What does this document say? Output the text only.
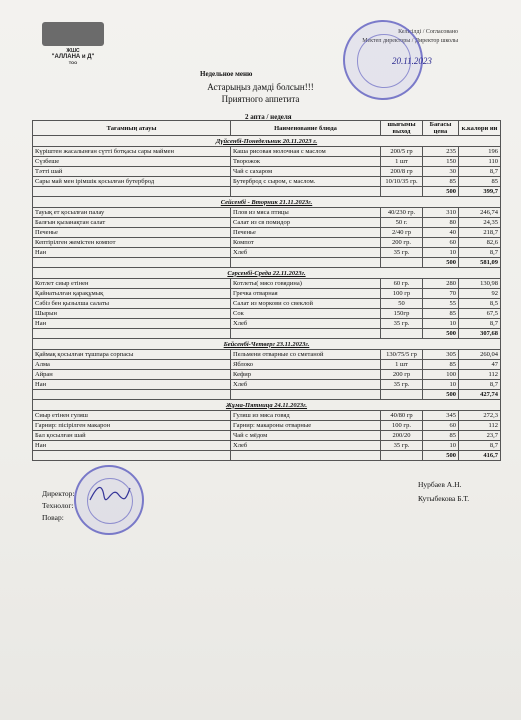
ЖШС
"АЛЛАНА и Д"
ТОО
Келісілді / Согласовано
Мектеп директоры / Директор школы
20.11.2023
Недельное меню
Астарыңыз дәмді болсын!!!
Приятного аппетита
2 апта / неделя
Тағамның атауы	Наименование блюда	шығымы выход	Бағасы цена	к.калори ии
Дүйсенбі-Понедельник 20.11.2023 г.				
Күріштен жасалынған сүтті ботқасы сары маймен	Каша рисовая молочная с маслом	200/5 гр	235	196
Сүзбеше	Творожок	1 шт	150	110
Тәтті шай	Чай с сахаром	200/8 гр	30	8,7
Сары май мен ірімшік қосылған бутерброд	Бутерброд с сыром, с маслом.	10/10/35 гр.	85	85
			500	399,7
Сейсенбі - Вторник 21.11.2023г.				
Тауық ет қосылған палау	Плов из мяса птицы	40/230 гр.	310	246,74
Балғын қызанақтан салат	Салат из св помидор	50 г.	80	24,35
Печенье	Печенье	2/40 гр	40	218,7
Кептірілген жемістен компот	Компот	200 гр.	60	82,6
Нан	Хлеб	35 гр.	10	8,7
			500	581,09
Сәрсенбі-Среда 22.11.2023г.				
Котлет сиыр етінен	Котлеты( мясо говядина)	60 гр.	280	130,98
Қайнатылған қарақұмық	Гречка отварная	100 гр	70	92
Сәбіз бен қызылша салаты	Салат из моркови со свеклой	50	55	8,5
Шырын	Сок	150гр	85	67,5
Нан	Хлеб	35 гр.	10	8,7
			500	307,68
Бейсенбі-Четверг 23.11.2023г.				
Қаймақ қосылған тұшпара сорпасы	Пельмени отварные со сметаной	130/75/5 гр	305	260,04
Алма	Яблоко	1 шт	85	47
Айран	Кефир	200 гр	100	112
Нан	Хлеб	35 гр.	10	8,7
			500	427,74
Жұма-Пятница 24.11.2023г.				
Сиыр етінен гуляш	Гуляш из мяса говяд	40/80 гр	345	272,3
Гарнир: пісірілген макарон	Гарнир: макароны отварные	100 гр.	60	112
Бал қосылған шай	Чай с мёдом	200/20	85	23,7
Нан	Хлеб	35 гр.	10	8,7
			500	416,7
Директор:
Технолог:
Повар:
Нурбаев А.Н.
Кутыбекова Б.Т.
